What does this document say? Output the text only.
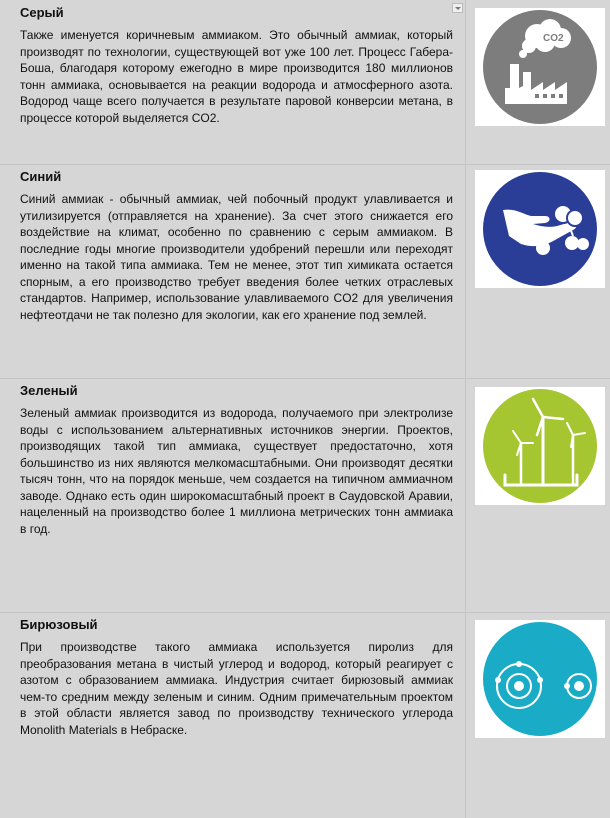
Серый

Также именуется коричневым аммиаком. Это обычный аммиак, который производят по технологии, существующей вот уже 100 лет. Процесс Габера-Боша, благодаря которому ежегодно в мире производится 180 миллионов тонн аммиака, основывается на реакции водорода и атмосферного азота. Водород чаще всего получается в результате паровой конверсии метана, в процессе которой выделяется CO2.

CO2

Синий

Синий аммиак - обычный аммиак, чей побочный продукт улавливается и утилизируется (отправляется на хранение). За счет этого снижается его воздействие на климат, особенно по сравнению с серым аммиаком. В последние годы многие производители удобрений перешли или переходят именно на такой типа аммиака. Тем не менее, этот тип химиката остается спорным, а его производство требует введения более четких отраслевых стандартов. Например, использование улавливаемого CO2 для увеличения нефтеотдачи не так полезно для экологии, как его хранение под землей.

Зеленый

Зеленый аммиак производится из водорода, получаемого при электролизе воды с использованием альтернативных источников энергии. Проектов, производящих такой тип аммиака, существует предостаточно, хотя большинство из них являются мелкомасштабными. Они производят десятки тысяч тонн, что на порядок меньше, чем создается на типичном аммиачном заводе. Однако есть один широкомасштабный проект в Саудовской Аравии, нацеленный на производство более 1 миллиона метрических тонн аммиака в год.

Бирюзовый

При производстве такого аммиака используется пиролиз для преобразования метана в чистый углерод и водород, который реагирует с азотом с образованием аммиака. Индустрия считает бирюзовый аммиак чем-то средним между зеленым и синим. Одним примечательным проектом в этой области является завод по производству технического углерода Monolith Materials в Небраске.
